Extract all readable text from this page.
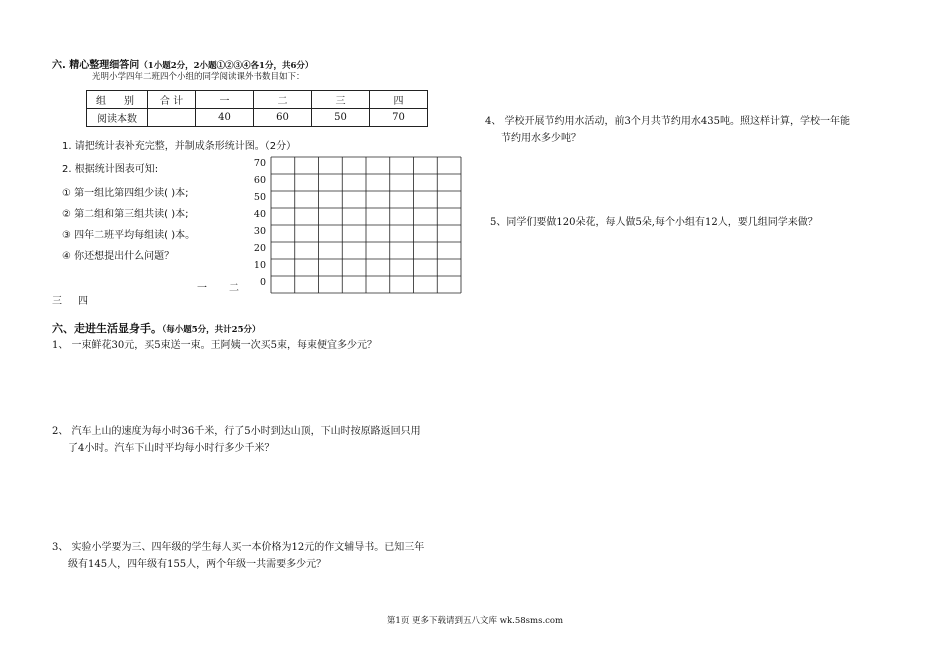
六. 精心整理细答问（1小题2分，2小题①②③④各1分，共6分）
光明小学四年二班四个小组的同学阅读课外书数目如下：
组　别	合 计	一	二	三	四
阅读本数		40	60	50	70
1. 请把统计表补充完整，并制成条形统计图。（2分）
2. 根据统计图表可知:
① 第一组比第四组少读( )本;
② 第二组和第三组共读( )本;
③ 四年二班平均每组读( )本。
④ 你还想提出什么问题？
70
60
50
40
30
20
10
0
一 二
三 四
六、走进生活显身手。（每小题5分，共计25分）
1、 一束鲜花30元，买5束送一束。王阿姨一次买5束，每束便宜多少元？
2、 汽车上山的速度为每小时36千米，行了5小时到达山顶，下山时按原路返回只用
了4小时。汽车下山时平均每小时行多少千米？
3、 实验小学要为三、四年级的学生每人买一本价格为12元的作文辅导书。已知三年
级有145人，四年级有155人，两个年级一共需要多少元？
4、 学校开展节约用水活动，前3个月共节约用水435吨。照这样计算，学校一年能
节约用水多少吨？
5、同学们要做120朵花，每人做5朵,每个小组有12人，要几组同学来做？
第1页 更多下载请到五八文库 wk.58sms.com
